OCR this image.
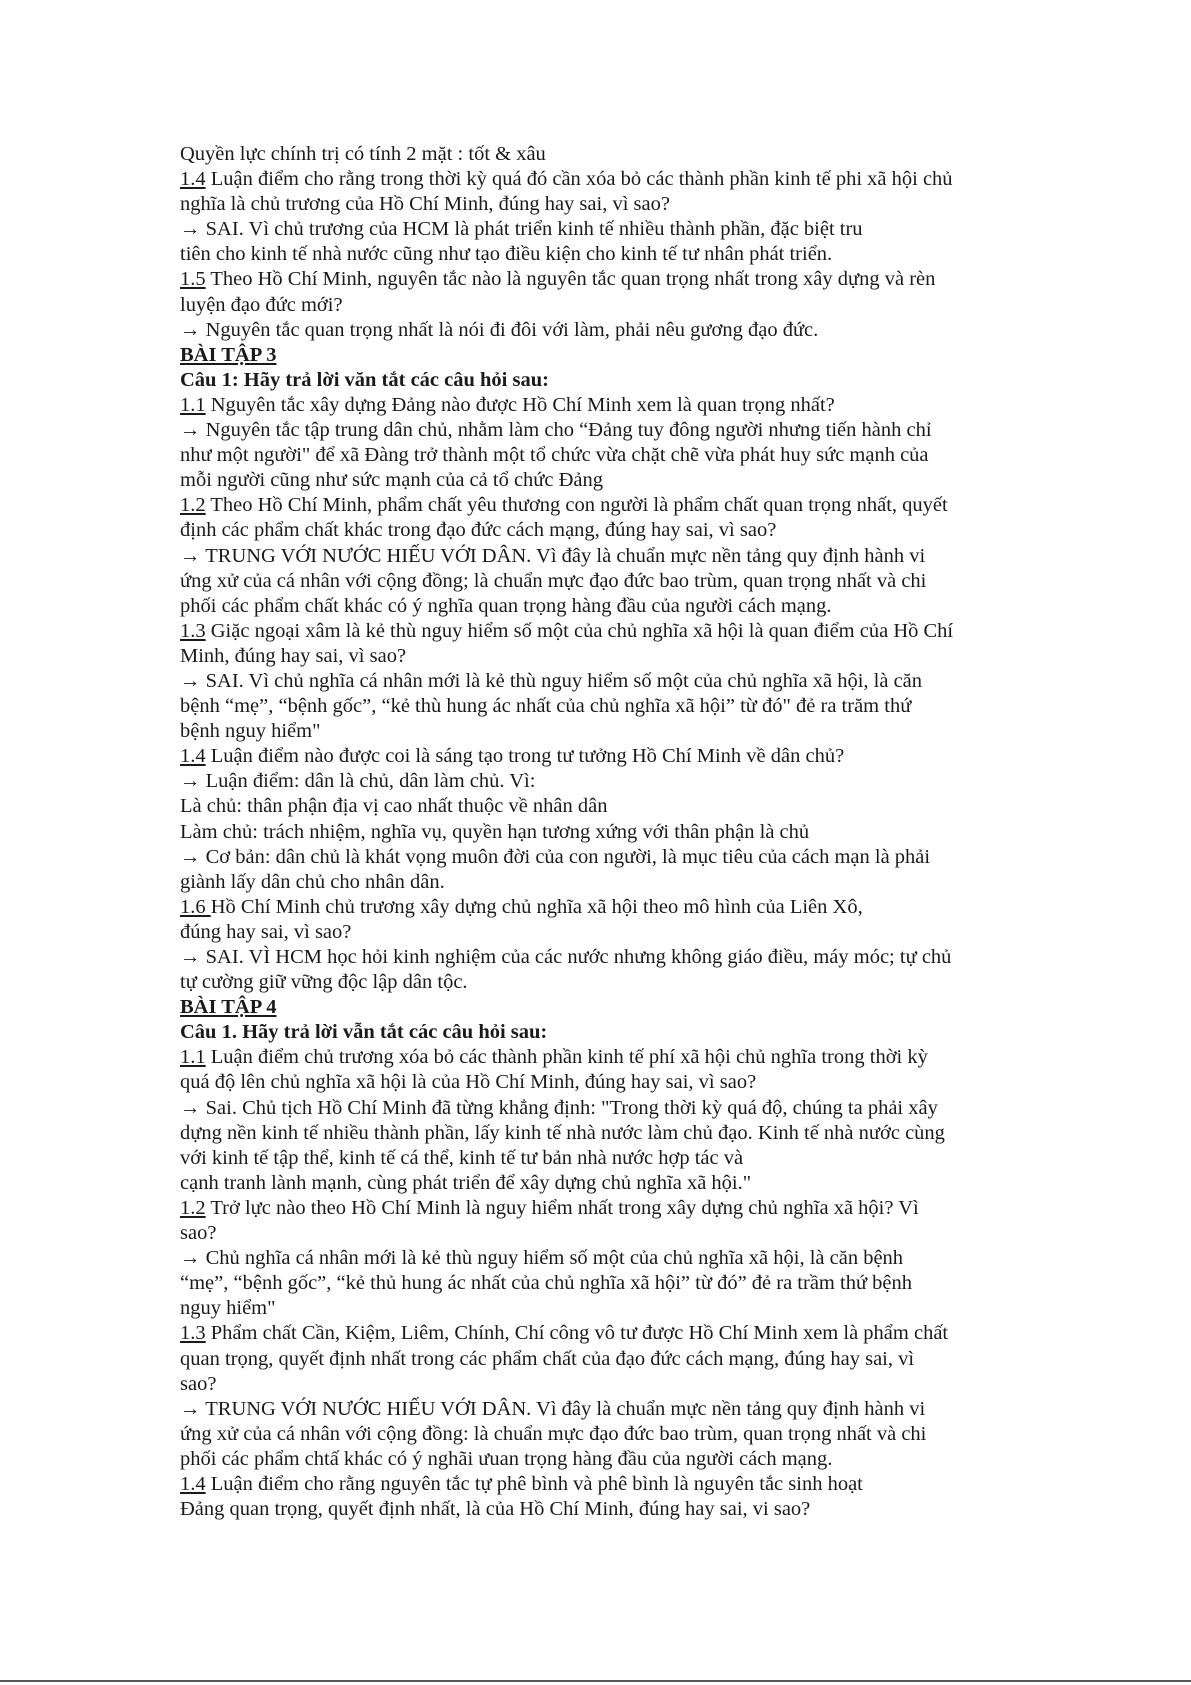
Quyền lực chính trị có tính 2 mặt : tốt & xâu
1.4 Luận điểm cho rằng trong thời kỳ quá đó cần xóa bỏ các thành phần kinh tế phi xã hội chủ
nghĩa là chủ trương của Hồ Chí Minh, đúng hay sai, vì sao?
→ SAI. Vì chủ trương của HCM là phát triển kinh tế nhiều thành phần, đặc biệt tru
tiên cho kinh tế nhà nước cũng như tạo điều kiện cho kinh tế tư nhân phát triển.
1.5 Theo Hồ Chí Minh, nguyên tắc nào là nguyên tắc quan trọng nhất trong xây dựng và rèn
luyện đạo đức mới?
→ Nguyên tắc quan trọng nhất là nói đi đôi với làm, phải nêu gương đạo đức.
BÀI TẬP 3
Câu 1: Hãy trả lời văn tắt các câu hỏi sau:
1.1 Nguyên tắc xây dựng Đảng nào được Hồ Chí Minh xem là quan trọng nhất?
→ Nguyên tắc tập trung dân chủ, nhằm làm cho “Đảng tuy đông người nhưng tiến hành chỉ
như một người" để xã Đàng trở thành một tổ chức vừa chặt chẽ vừa phát huy sức mạnh của
mỗi người cũng như sức mạnh của cả tổ chức Đảng
1.2 Theo Hồ Chí Minh, phẩm chất yêu thương con người là phẩm chất quan trọng nhất, quyết
định các phẩm chất khác trong đạo đức cách mạng, đúng hay sai, vì sao?
→ TRUNG VỚI NƯỚC HIẾU VỚI DÂN. Vì đây là chuẩn mực nền tảng quy định hành vi
ứng xử của cá nhân với cộng đồng; là chuẩn mực đạo đức bao trùm, quan trọng nhất và chi
phối các phẩm chất khác có ý nghĩa quan trọng hàng đầu của người cách mạng.
1.3 Giặc ngoại xâm là kẻ thù nguy hiểm số một của chủ nghĩa xã hội là quan điểm của Hồ Chí
Minh, đúng hay sai, vì sao?
→ SAI. Vì chủ nghĩa cá nhân mới là kẻ thù nguy hiểm số một của chủ nghĩa xã hội, là căn
bệnh “mẹ”, “bệnh gốc”, “kẻ thù hung ác nhất của chủ nghĩa xã hội” từ đó" đẻ ra trăm thứ
bệnh nguy hiểm"
1.4 Luận điểm nào được coi là sáng tạo trong tư tưởng Hồ Chí Minh về dân chủ?
→ Luận điểm: dân là chủ, dân làm chủ. Vì:
Là chủ: thân phận địa vị cao nhất thuộc về nhân dân
Làm chủ: trách nhiệm, nghĩa vụ, quyền hạn tương xứng với thân phận là chủ
→ Cơ bản: dân chủ là khát vọng muôn đời của con người, là mục tiêu của cách mạn là phải
giành lấy dân chủ cho nhân dân.
1.6 Hồ Chí Minh chủ trương xây dựng chủ nghĩa xã hội theo mô hình của Liên Xô,
đúng hay sai, vì sao?
→ SAI. VÌ HCM học hỏi kinh nghiệm của các nước nhưng không giáo điều, máy móc; tự chủ
tự cường giữ vững độc lập dân tộc.
BÀI TẬP 4
Câu 1. Hãy trả lời vẫn tắt các câu hỏi sau:
1.1 Luận điểm chủ trương xóa bỏ các thành phần kinh tế phí xã hội chủ nghĩa trong thời kỳ
quá độ lên chủ nghĩa xã hội là của Hồ Chí Minh, đúng hay sai, vì sao?
→ Sai. Chủ tịch Hồ Chí Minh đã từng khẳng định: "Trong thời kỳ quá độ, chúng ta phải xây
dựng nền kinh tế nhiều thành phần, lấy kinh tế nhà nước làm chủ đạo. Kinh tế nhà nước cùng
với kinh tế tập thể, kinh tế cá thể, kinh tế tư bản nhà nước hợp tác và
cạnh tranh lành mạnh, cùng phát triển để xây dựng chủ nghĩa xã hội."
1.2 Trở lực nào theo Hồ Chí Minh là nguy hiểm nhất trong xây dựng chủ nghĩa xã hội? Vì
sao?
→ Chủ nghĩa cá nhân mới là kẻ thù nguy hiểm số một của chủ nghĩa xã hội, là căn bệnh
“mẹ”, “bệnh gốc”, “kẻ thủ hung ác nhất của chủ nghĩa xã hội” từ đó” đẻ ra trầm thứ bệnh
nguy hiểm"
1.3 Phẩm chất Cần, Kiệm, Liêm, Chính, Chí công vô tư được Hồ Chí Minh xem là phẩm chất
quan trọng, quyết định nhất trong các phẩm chất của đạo đức cách mạng, đúng hay sai, vì
sao?
→ TRUNG VỚI NƯỚC HIẾU VỚI DÂN. Vì đây là chuẩn mực nền tảng quy định hành vi
ứng xử của cá nhân với cộng đồng: là chuẩn mực đạo đức bao trùm, quan trọng nhất và chi
phối các phẩm chtấ khác có ý nghãi ưuan trọng hàng đầu của người cách mạng.
1.4 Luận điểm cho rằng nguyên tắc tự phê bình và phê bình là nguyên tắc sinh hoạt
Đảng quan trọng, quyết định nhất, là của Hồ Chí Minh, đúng hay sai, vi sao?
